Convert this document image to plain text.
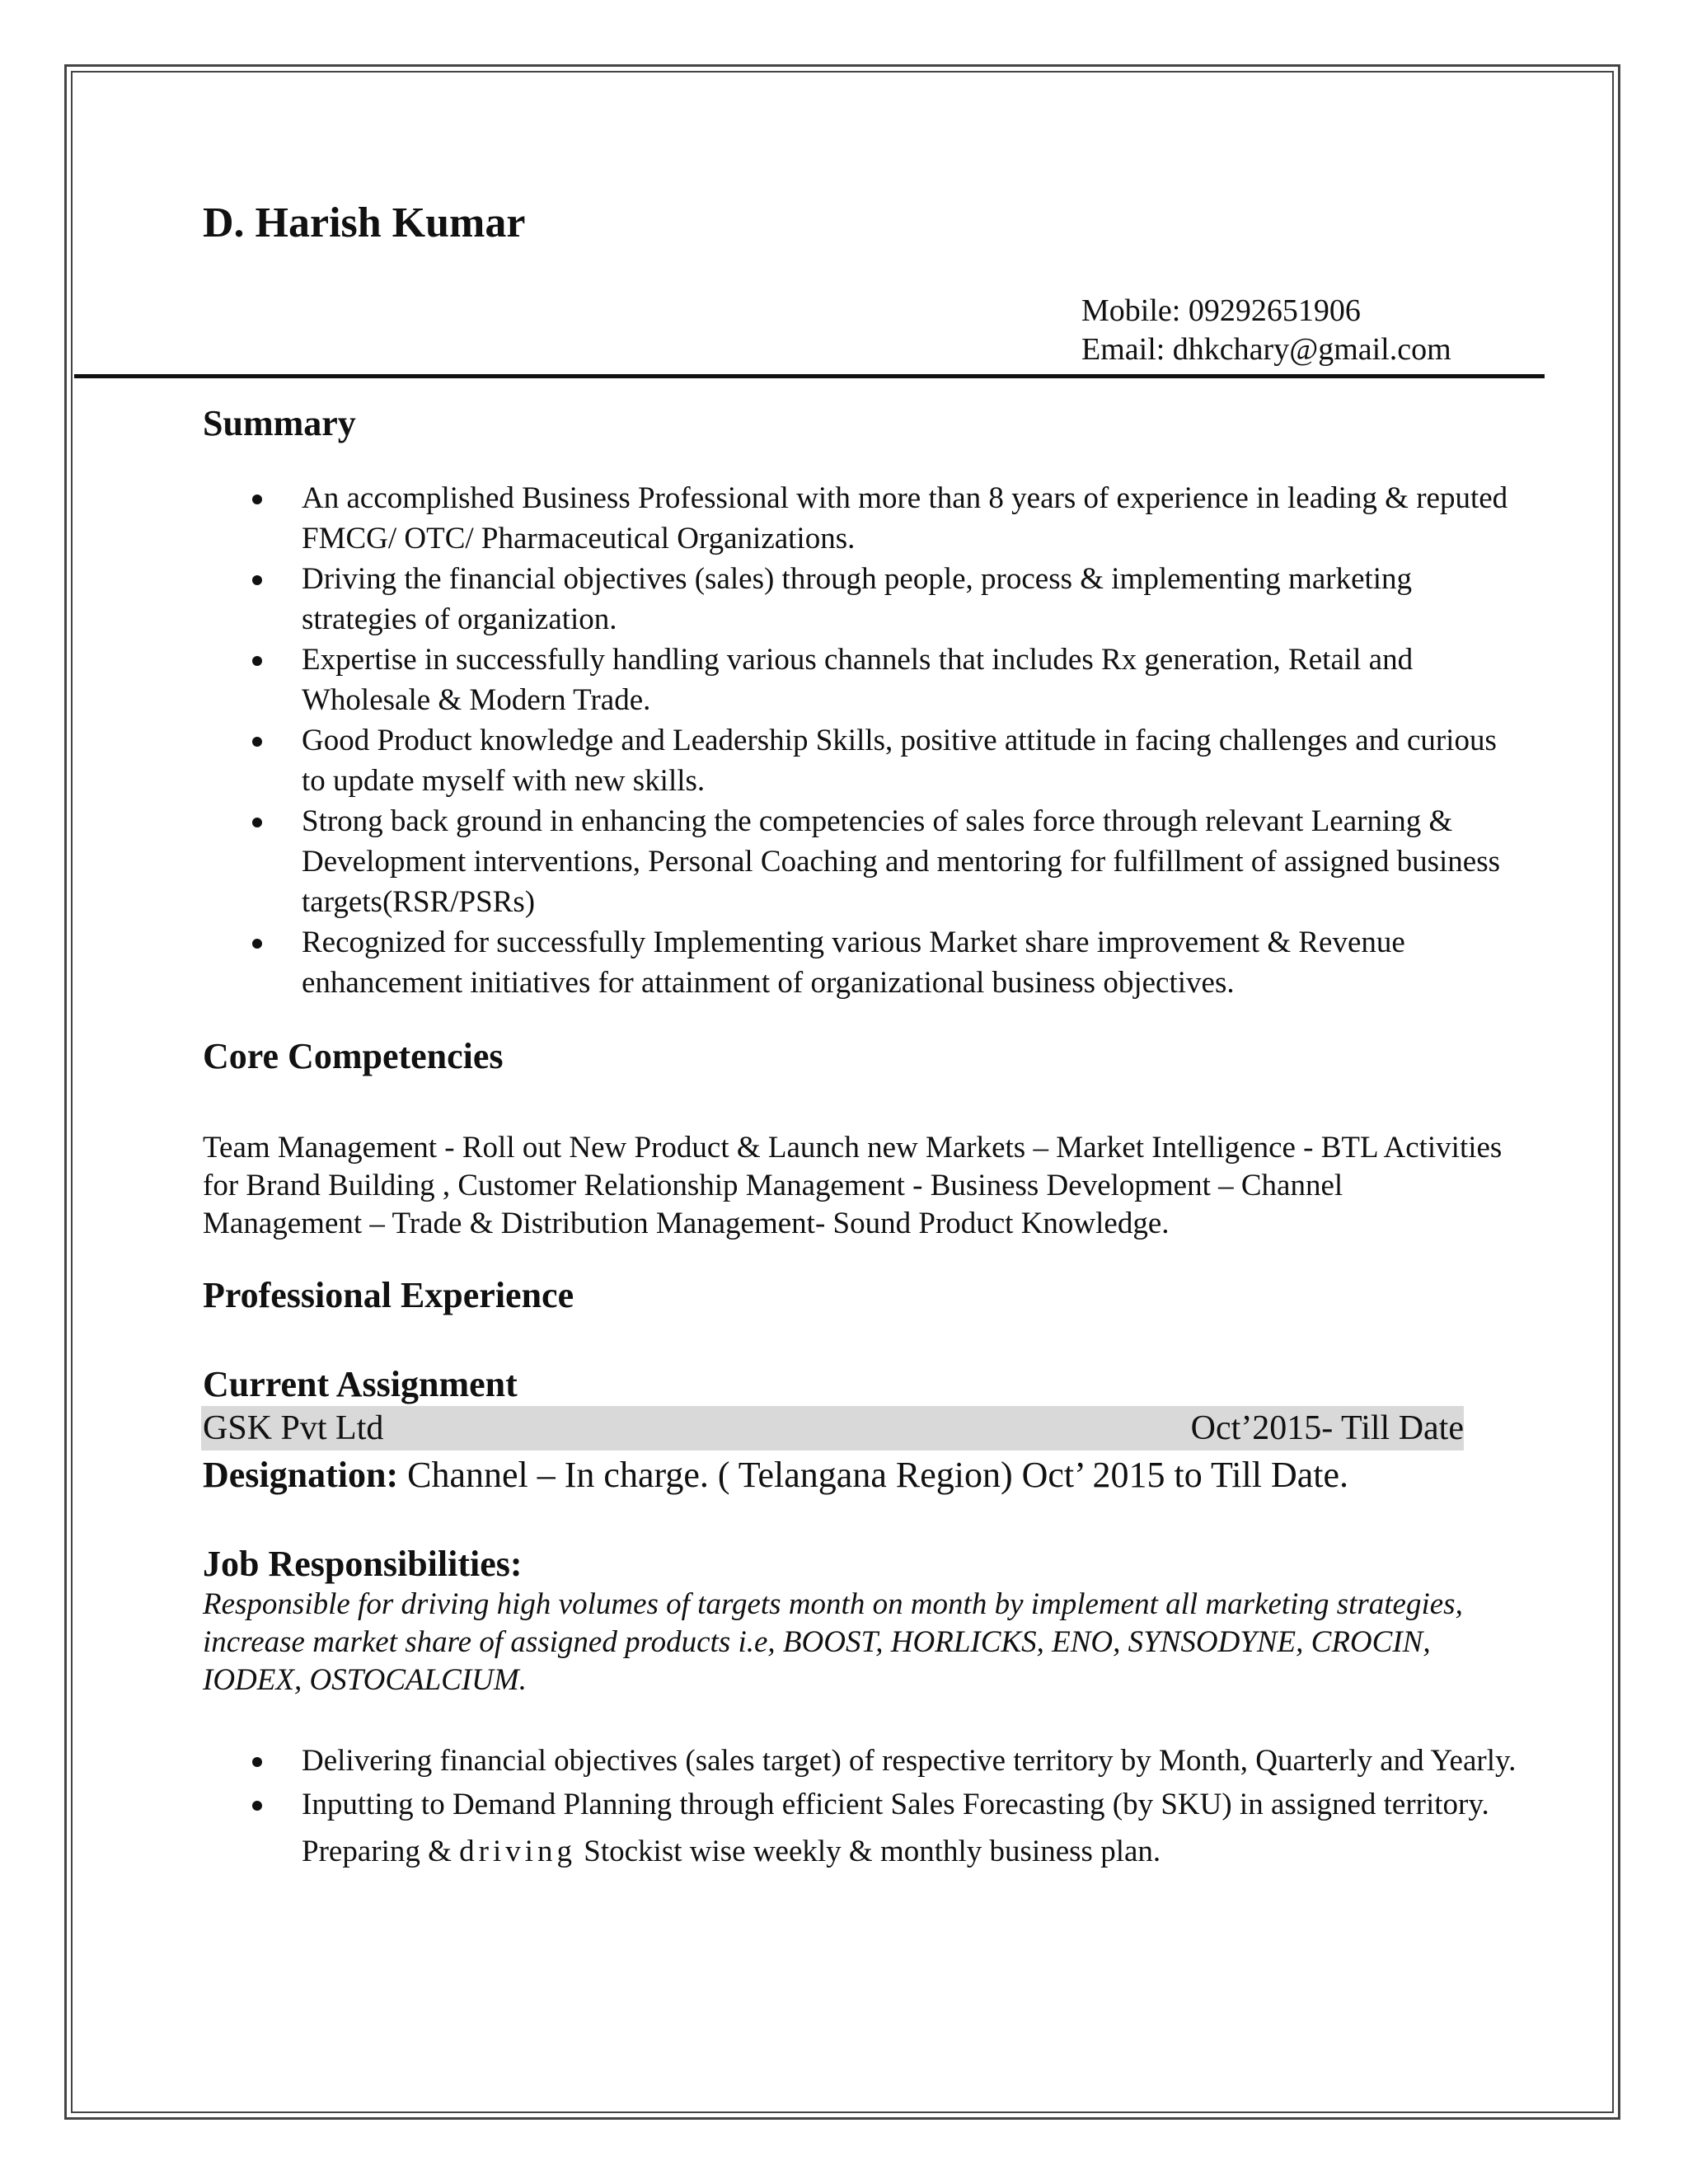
D. Harish Kumar
Mobile: 09292651906
Email: dhkchary@gmail.com
Summary
An accomplished Business Professional with more than 8 years of experience in leading & reputed FMCG/ OTC/ Pharmaceutical Organizations.
Driving the financial objectives (sales) through people, process & implementing marketing strategies of organization.
Expertise in successfully handling various channels that includes Rx generation, Retail and Wholesale & Modern Trade.
Good Product knowledge and Leadership Skills, positive attitude in facing challenges and curious to update myself with new skills.
Strong back ground in enhancing the competencies of sales force through relevant Learning & Development interventions, Personal Coaching and mentoring for fulfillment of assigned business targets(RSR/PSRs)
Recognized for successfully Implementing various Market share improvement & Revenue enhancement initiatives for attainment of organizational business objectives.
Core Competencies
Team Management - Roll out New Product & Launch new Markets – Market Intelligence - BTL Activities for Brand Building , Customer Relationship Management - Business Development – Channel Management – Trade & Distribution Management- Sound Product Knowledge.
Professional Experience
Current Assignment
GSK Pvt Ltd	Oct’2015- Till Date
Designation: Channel – In charge. ( Telangana Region) Oct’ 2015 to Till Date.
Job Responsibilities:
Responsible for driving high volumes of targets month on month by implement all marketing strategies, increase market share of assigned products i.e, BOOST, HORLICKS, ENO, SYNSODYNE, CROCIN, IODEX, OSTOCALCIUM.
Delivering financial objectives (sales target) of respective territory by Month, Quarterly and Yearly.
Inputting to Demand Planning through efficient Sales Forecasting (by SKU) in assigned territory. Preparing & driving Stockist wise weekly & monthly business plan.
